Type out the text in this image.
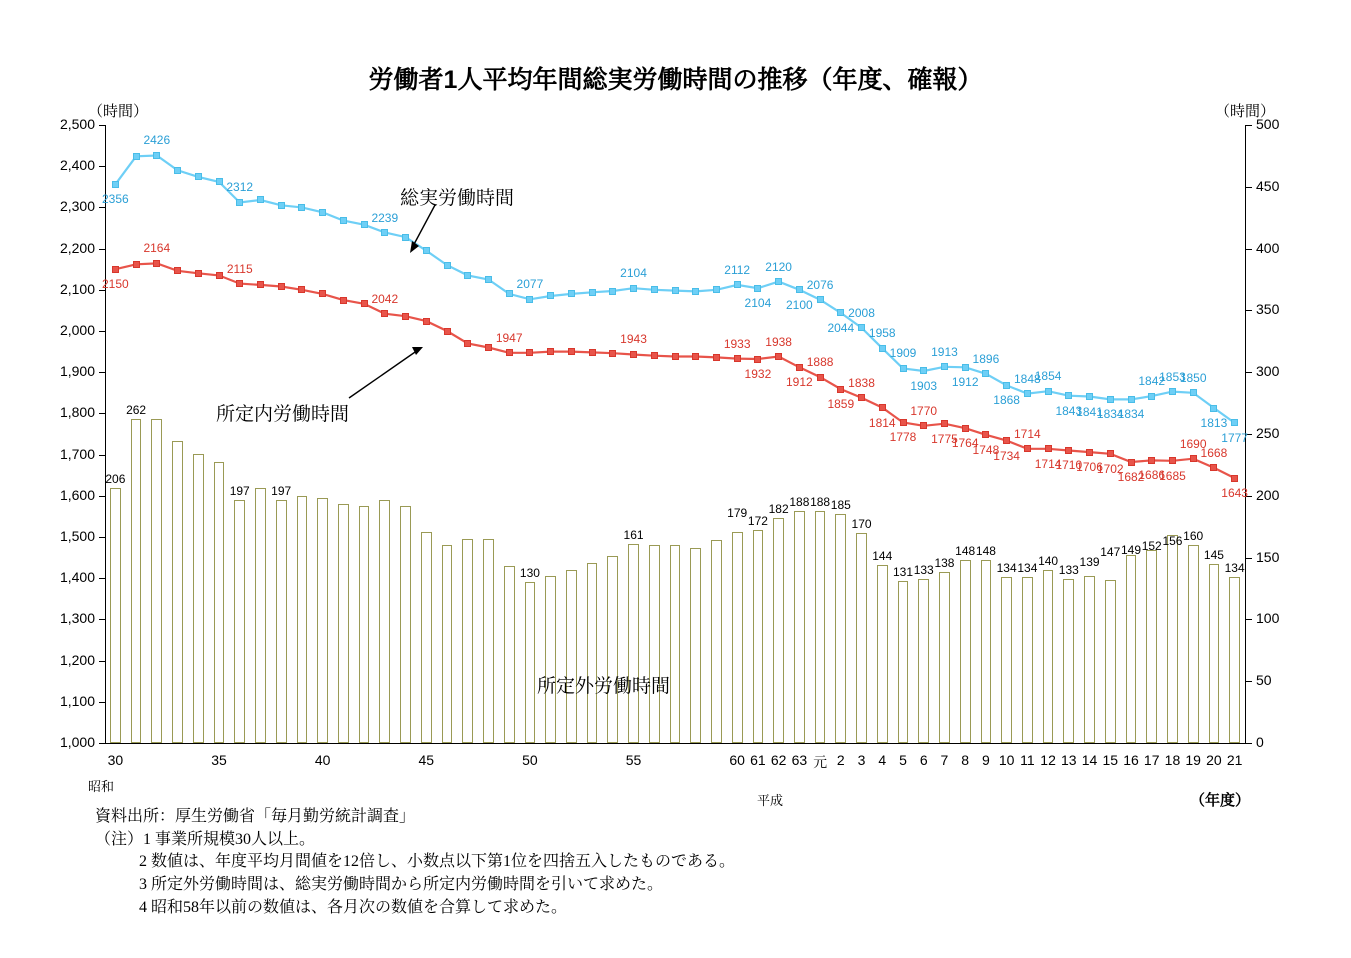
労働者1人平均年間総実労働時間の推移（年度、確報）
（時間）	（時間）
（年度）
2,500
2,400
2,300
2,200
2,100
2,000
1,900
1,800
1,700
1,600
1,500
1,400
1,300
1,200
1,100
1,000
500
450
400
350
300
250
200
150
100
50
0
206
262
197 197
130
161
179
172
182
188 188 185
170
144
131 133 138
148 148
134 134
140
133
139
147 149 152 156 160
145
134
2356
2426
2312
2239
2077
2104	2112
2104
2120
2100
2076
2044
2008
1958
1909
1903
1913
1912
1896
1868
1848
1854
1843
1841
1834
1834
1842
1853
1850
1813
1777
2150
2164
2115
2042
1947	1943	1933
1932
1938
1912
1888
1859
1838
1814
1778
1770
1775
1764
1748
1734
1714
1714
1710
1706
1702
1682
1686
1685
1690
1668
1643
30	35	40	45	50	55	60 61 62 63 元 2 3 4 5 6 7 8 9 10 11 12 13 14 15 16 17 18 19 20 21
昭和
平成
総実労働時間
所定内労働時間
所定外労働時間
資料出所：厚生労働省「毎月勤労統計調査」
（注）1 事業所規模30人以上。
2 数値は、年度平均月間値を12倍し、小数点以下第1位を四捨五入したものである。
3 所定外労働時間は、総実労働時間から所定内労働時間を引いて求めた。
4 昭和58年以前の数値は、各月次の数値を合算して求めた。
